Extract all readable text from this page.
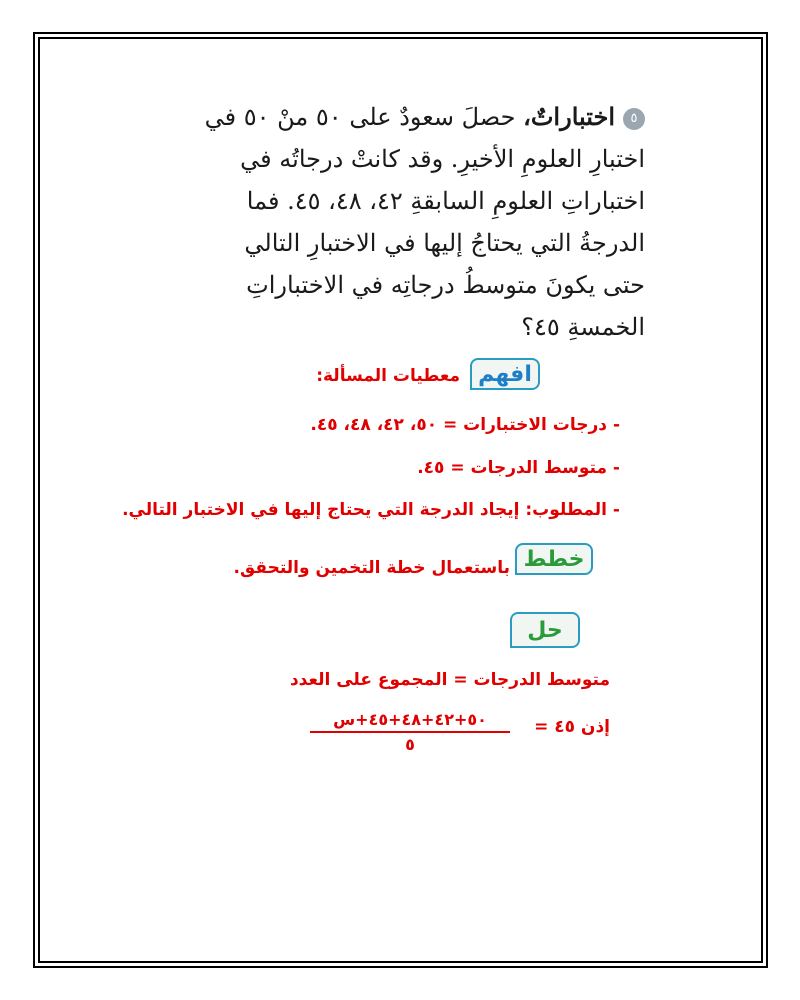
٥اختباراتٌ، حصلَ سعودٌ على ٥٠ منْ ٥٠ في
اختبارِ العلومِ الأخيرِ. وقد كانتْ درجاتُه في
اختباراتِ العلومِ السابقةِ ٤٢، ٤٨، ٤٥. فما
الدرجةُ التي يحتاجُ إليها في الاختبارِ التالي
حتى يكونَ متوسطُ درجاتِه في الاختباراتِ
الخمسةِ ٤٥؟
افهم
معطيات المسألة:
- درجات الاختبارات = ٥٠، ٤٢، ٤٨، ٤٥.
- متوسط الدرجات = ٤٥.
- المطلوب: إيجاد الدرجة التي يحتاج إليها في الاختبار التالي.
خطط
باستعمال خطة التخمين والتحقق.
حل
متوسط الدرجات = المجموع على العدد
إذن ٤٥ =
٥٠+٤٢+٤٨+٤٥+س
٥
